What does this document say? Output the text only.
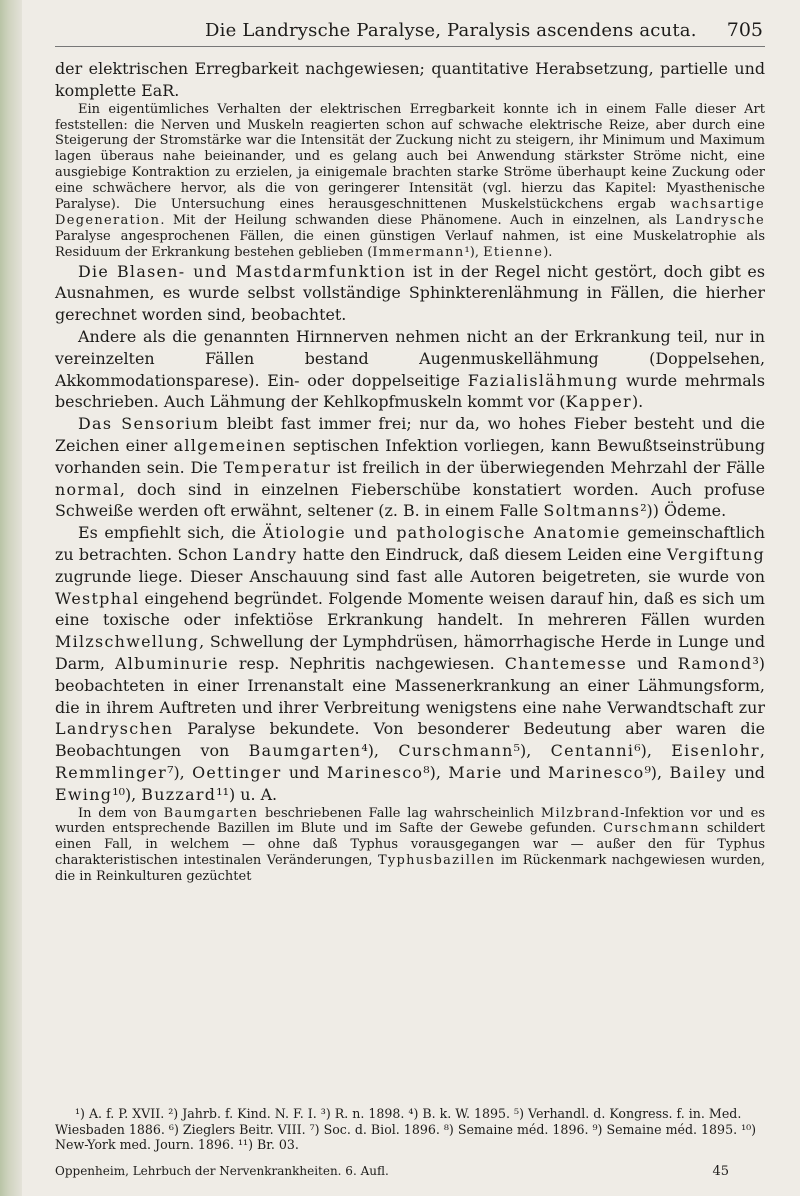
Die Landrysche Paralyse, Paralysis ascendens acuta. 705

der elektrischen Erregbarkeit nachgewiesen; quantitative Herabsetzung, partielle und komplette EaR.

Ein eigentümliches Verhalten der elektrischen Erregbarkeit konnte ich in einem Falle dieser Art feststellen: die Nerven und Muskeln reagierten schon auf schwache elektrische Reize, aber durch eine Steigerung der Stromstärke war die Intensität der Zuckung nicht zu steigern, ihr Minimum und Maximum lagen überaus nahe beieinander, und es gelang auch bei Anwendung stärkster Ströme nicht, eine ausgiebige Kontraktion zu erzielen, ja einigemale brachten starke Ströme überhaupt keine Zuckung oder eine schwächere hervor, als die von geringerer Intensität (vgl. hierzu das Kapitel: Myasthenische Paralyse). Die Untersuchung eines herausgeschnittenen Muskelstückchens ergab wachsartige Degeneration. Mit der Heilung schwanden diese Phänomene. Auch in einzelnen, als Landrysche Paralyse angesprochenen Fällen, die einen günstigen Verlauf nahmen, ist eine Muskelatrophie als Residuum der Erkrankung bestehen geblieben (Immermann¹), Etienne).

Die Blasen- und Mastdarmfunktion ist in der Regel nicht gestört, doch gibt es Ausnahmen, es wurde selbst vollständige Sphinkterenlähmung in Fällen, die hierher gerechnet worden sind, beobachtet.

Andere als die genannten Hirnnerven nehmen nicht an der Erkrankung teil, nur in vereinzelten Fällen bestand Augenmuskellähmung (Doppelsehen, Akkommodationsparese). Ein- oder doppelseitige Fazialislähmung wurde mehrmals beschrieben. Auch Lähmung der Kehlkopfmuskeln kommt vor (Kapper).

Das Sensorium bleibt fast immer frei; nur da, wo hohes Fieber besteht und die Zeichen einer allgemeinen septischen Infektion vorliegen, kann Bewußtseinstrübung vorhanden sein. Die Temperatur ist freilich in der überwiegenden Mehrzahl der Fälle normal, doch sind in einzelnen Fieberschübe konstatiert worden. Auch profuse Schweiße werden oft erwähnt, seltener (z. B. in einem Falle Soltmanns²)) Ödeme.

Es empfiehlt sich, die Ätiologie und pathologische Anatomie gemeinschaftlich zu betrachten. Schon Landry hatte den Eindruck, daß diesem Leiden eine Vergiftung zugrunde liege. Dieser Anschauung sind fast alle Autoren beigetreten, sie wurde von Westphal eingehend begründet. Folgende Momente weisen darauf hin, daß es sich um eine toxische oder infektiöse Erkrankung handelt. In mehreren Fällen wurden Milzschwellung, Schwellung der Lymphdrüsen, hämorrhagische Herde in Lunge und Darm, Albuminurie resp. Nephritis nachgewiesen. Chantemesse und Ramond³) beobachteten in einer Irrenanstalt eine Massenerkrankung an einer Lähmungsform, die in ihrem Auftreten und ihrer Verbreitung wenigstens eine nahe Verwandtschaft zur Landryschen Paralyse bekundete. Von besonderer Bedeutung aber waren die Beobachtungen von Baumgarten⁴), Curschmann⁵), Centanni⁶), Eisenlohr, Remmlinger⁷), Oettinger und Marinesco⁸), Marie und Marinesco⁹), Bailey und Ewing¹⁰), Buzzard¹¹) u. A.

In dem von Baumgarten beschriebenen Falle lag wahrscheinlich Milzbrand-Infektion vor und es wurden entsprechende Bazillen im Blute und im Safte der Gewebe gefunden. Curschmann schildert einen Fall, in welchem — ohne daß Typhus vorausgegangen war — außer den für Typhus charakteristischen intestinalen Veränderungen, Typhusbazillen im Rückenmark nachgewiesen wurden, die in Reinkulturen gezüchtet

¹) A. f. P. XVII. ²) Jahrb. f. Kind. N. F. I. ³) R. n. 1898. ⁴) B. k. W. 1895. ⁵) Verhandl. d. Kongress. f. in. Med. Wiesbaden 1886. ⁶) Zieglers Beitr. VIII. ⁷) Soc. d. Biol. 1896. ⁸) Semaine méd. 1896. ⁹) Semaine méd. 1895. ¹⁰) New-York med. Journ. 1896. ¹¹) Br. 03.

Oppenheim, Lehrbuch der Nervenkrankheiten. 6. Aufl.	45
